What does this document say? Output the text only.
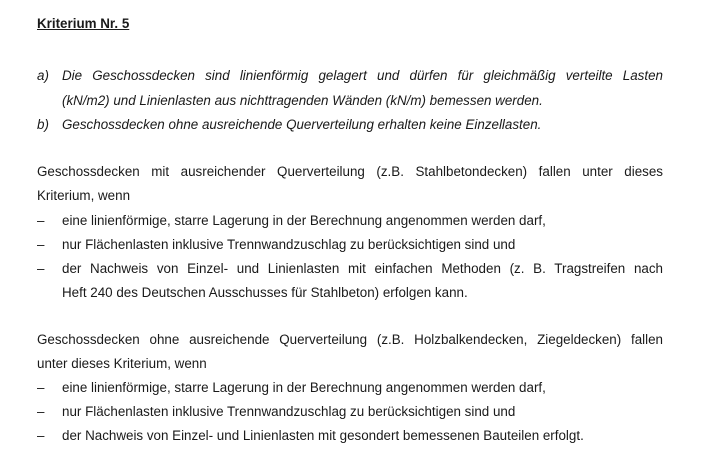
Kriterium Nr. 5
a) Die Geschossdecken sind linienförmig gelagert und dürfen für gleichmäßig verteilte Lasten
(kN/m2) und Linienlasten aus nichttragenden Wänden (kN/m) bemessen werden.
b) Geschossdecken ohne ausreichende Querverteilung erhalten keine Einzellasten.
Geschossdecken mit ausreichender Querverteilung (z.B. Stahlbetondecken) fallen unter dieses
Kriterium, wenn
– eine linienförmige, starre Lagerung in der Berechnung angenommen werden darf,
– nur Flächenlasten inklusive Trennwandzuschlag zu berücksichtigen sind und
– der Nachweis von Einzel- und Linienlasten mit einfachen Methoden (z. B. Tragstreifen nach
Heft 240 des Deutschen Ausschusses für Stahlbeton) erfolgen kann.
Geschossdecken ohne ausreichende Querverteilung (z.B. Holzbalkendecken, Ziegeldecken) fallen
unter dieses Kriterium, wenn
– eine linienförmige, starre Lagerung in der Berechnung angenommen werden darf,
– nur Flächenlasten inklusive Trennwandzuschlag zu berücksichtigen sind und
– der Nachweis von Einzel- und Linienlasten mit gesondert bemessenen Bauteilen erfolgt.
